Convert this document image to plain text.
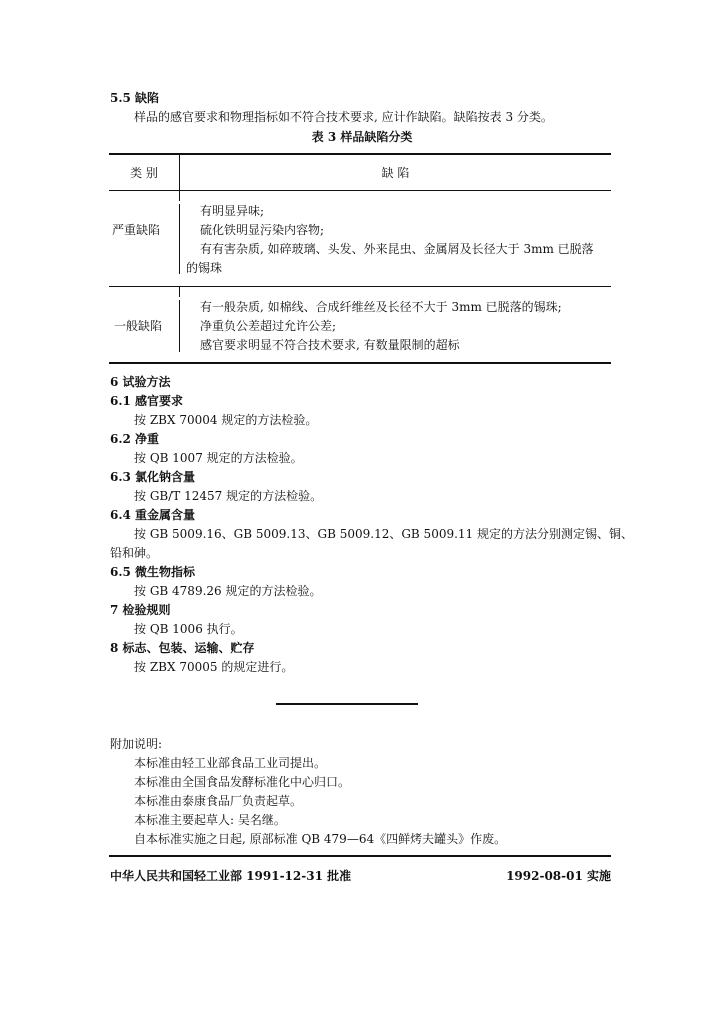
5.5 缺陷
样品的感官要求和物理指标如不符合技术要求, 应计作缺陷。缺陷按表 3 分类。
表 3 样品缺陷分类
类 别	缺 陷
严重缺陷
有明显异味;
硫化铁明显污染内容物;
有有害杂质, 如碎玻璃、头发、外来昆虫、金属屑及长径大于 3mm 已脱落
的锡珠
一般缺陷
有一般杂质, 如棉线、合成纤维丝及长径不大于 3mm 已脱落的锡珠;
净重负公差超过允许公差;
感官要求明显不符合技术要求, 有数量限制的超标
6 试验方法
6.1 感官要求
按 ZBX 70004 规定的方法检验。
6.2 净重
按 QB 1007 规定的方法检验。
6.3 氯化钠含量
按 GB/T 12457 规定的方法检验。
6.4 重金属含量
按 GB 5009.16、GB 5009.13、GB 5009.12、GB 5009.11 规定的方法分别测定锡、铜、
铅和砷。
6.5 微生物指标
按 GB 4789.26 规定的方法检验。
7 检验规则
按 QB 1006 执行。
8 标志、包装、运输、贮存
按 ZBX 70005 的规定进行。
附加说明:
本标准由轻工业部食品工业司提出。
本标准由全国食品发酵标准化中心归口。
本标准由泰康食品厂负责起草。
本标准主要起草人: 吴名继。
自本标准实施之日起, 原部标准 QB 479—64《四鲜烤夫罐头》作废。
中华人民共和国轻工业部 1991-12-31 批准	1992-08-01 实施
